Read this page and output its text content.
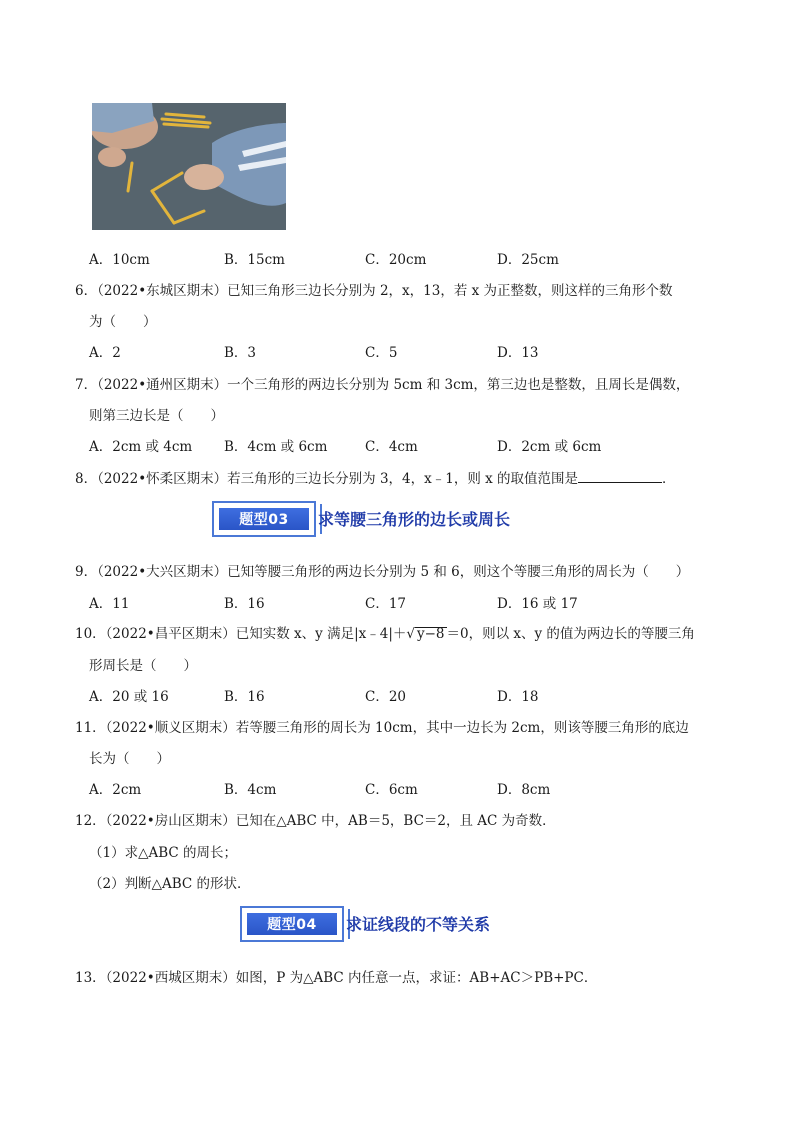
A．10cm	B．15cm	C．20cm	D．25cm
6．（2022•东城区期末）已知三角形三边长分别为 2，x，13，若 x 为正整数，则这样的三角形个数
为（　　）
A．2	B．3	C．5	D．13
7．（2022•通州区期末）一个三角形的两边长分别为 5cm 和 3cm，第三边也是整数，且周长是偶数，
则第三边长是（　　）
A．2cm 或 4cm B．4cm 或 6cm	C．4cm	D．2cm 或 6cm
8．（2022•怀柔区期末）若三角形的三边长分别为 3，4，x﹣1，则 x 的取值范围是	．
题型03	求等腰三角形的边长或周长
9．（2022•大兴区期末）已知等腰三角形的两边长分别为 5 和 6，则这个等腰三角形的周长为（　　）
A．11	B．16	C．17	D．16 或 17
10．（2022•昌平区期末）已知实数 x、y 满足|x﹣4|＋√ y−8 ＝0，则以 x、y 的值为两边长的等腰三角
形周长是（　　）
A．20 或 16	B．16	C．20	D．18
11．（2022•顺义区期末）若等腰三角形的周长为 10cm，其中一边长为 2cm，则该等腰三角形的底边
长为（　　）
A．2cm	B．4cm	C．6cm	D．8cm
12．（2022•房山区期末）已知在△ABC 中，AB＝5，BC＝2，且 AC 为奇数．
（1）求△ABC 的周长；
（2）判断△ABC 的形状．
题型04	求证线段的不等关系
13．（2022•西城区期末）如图，P 为△ABC 内任意一点，求证：AB+AC＞PB+PC．
